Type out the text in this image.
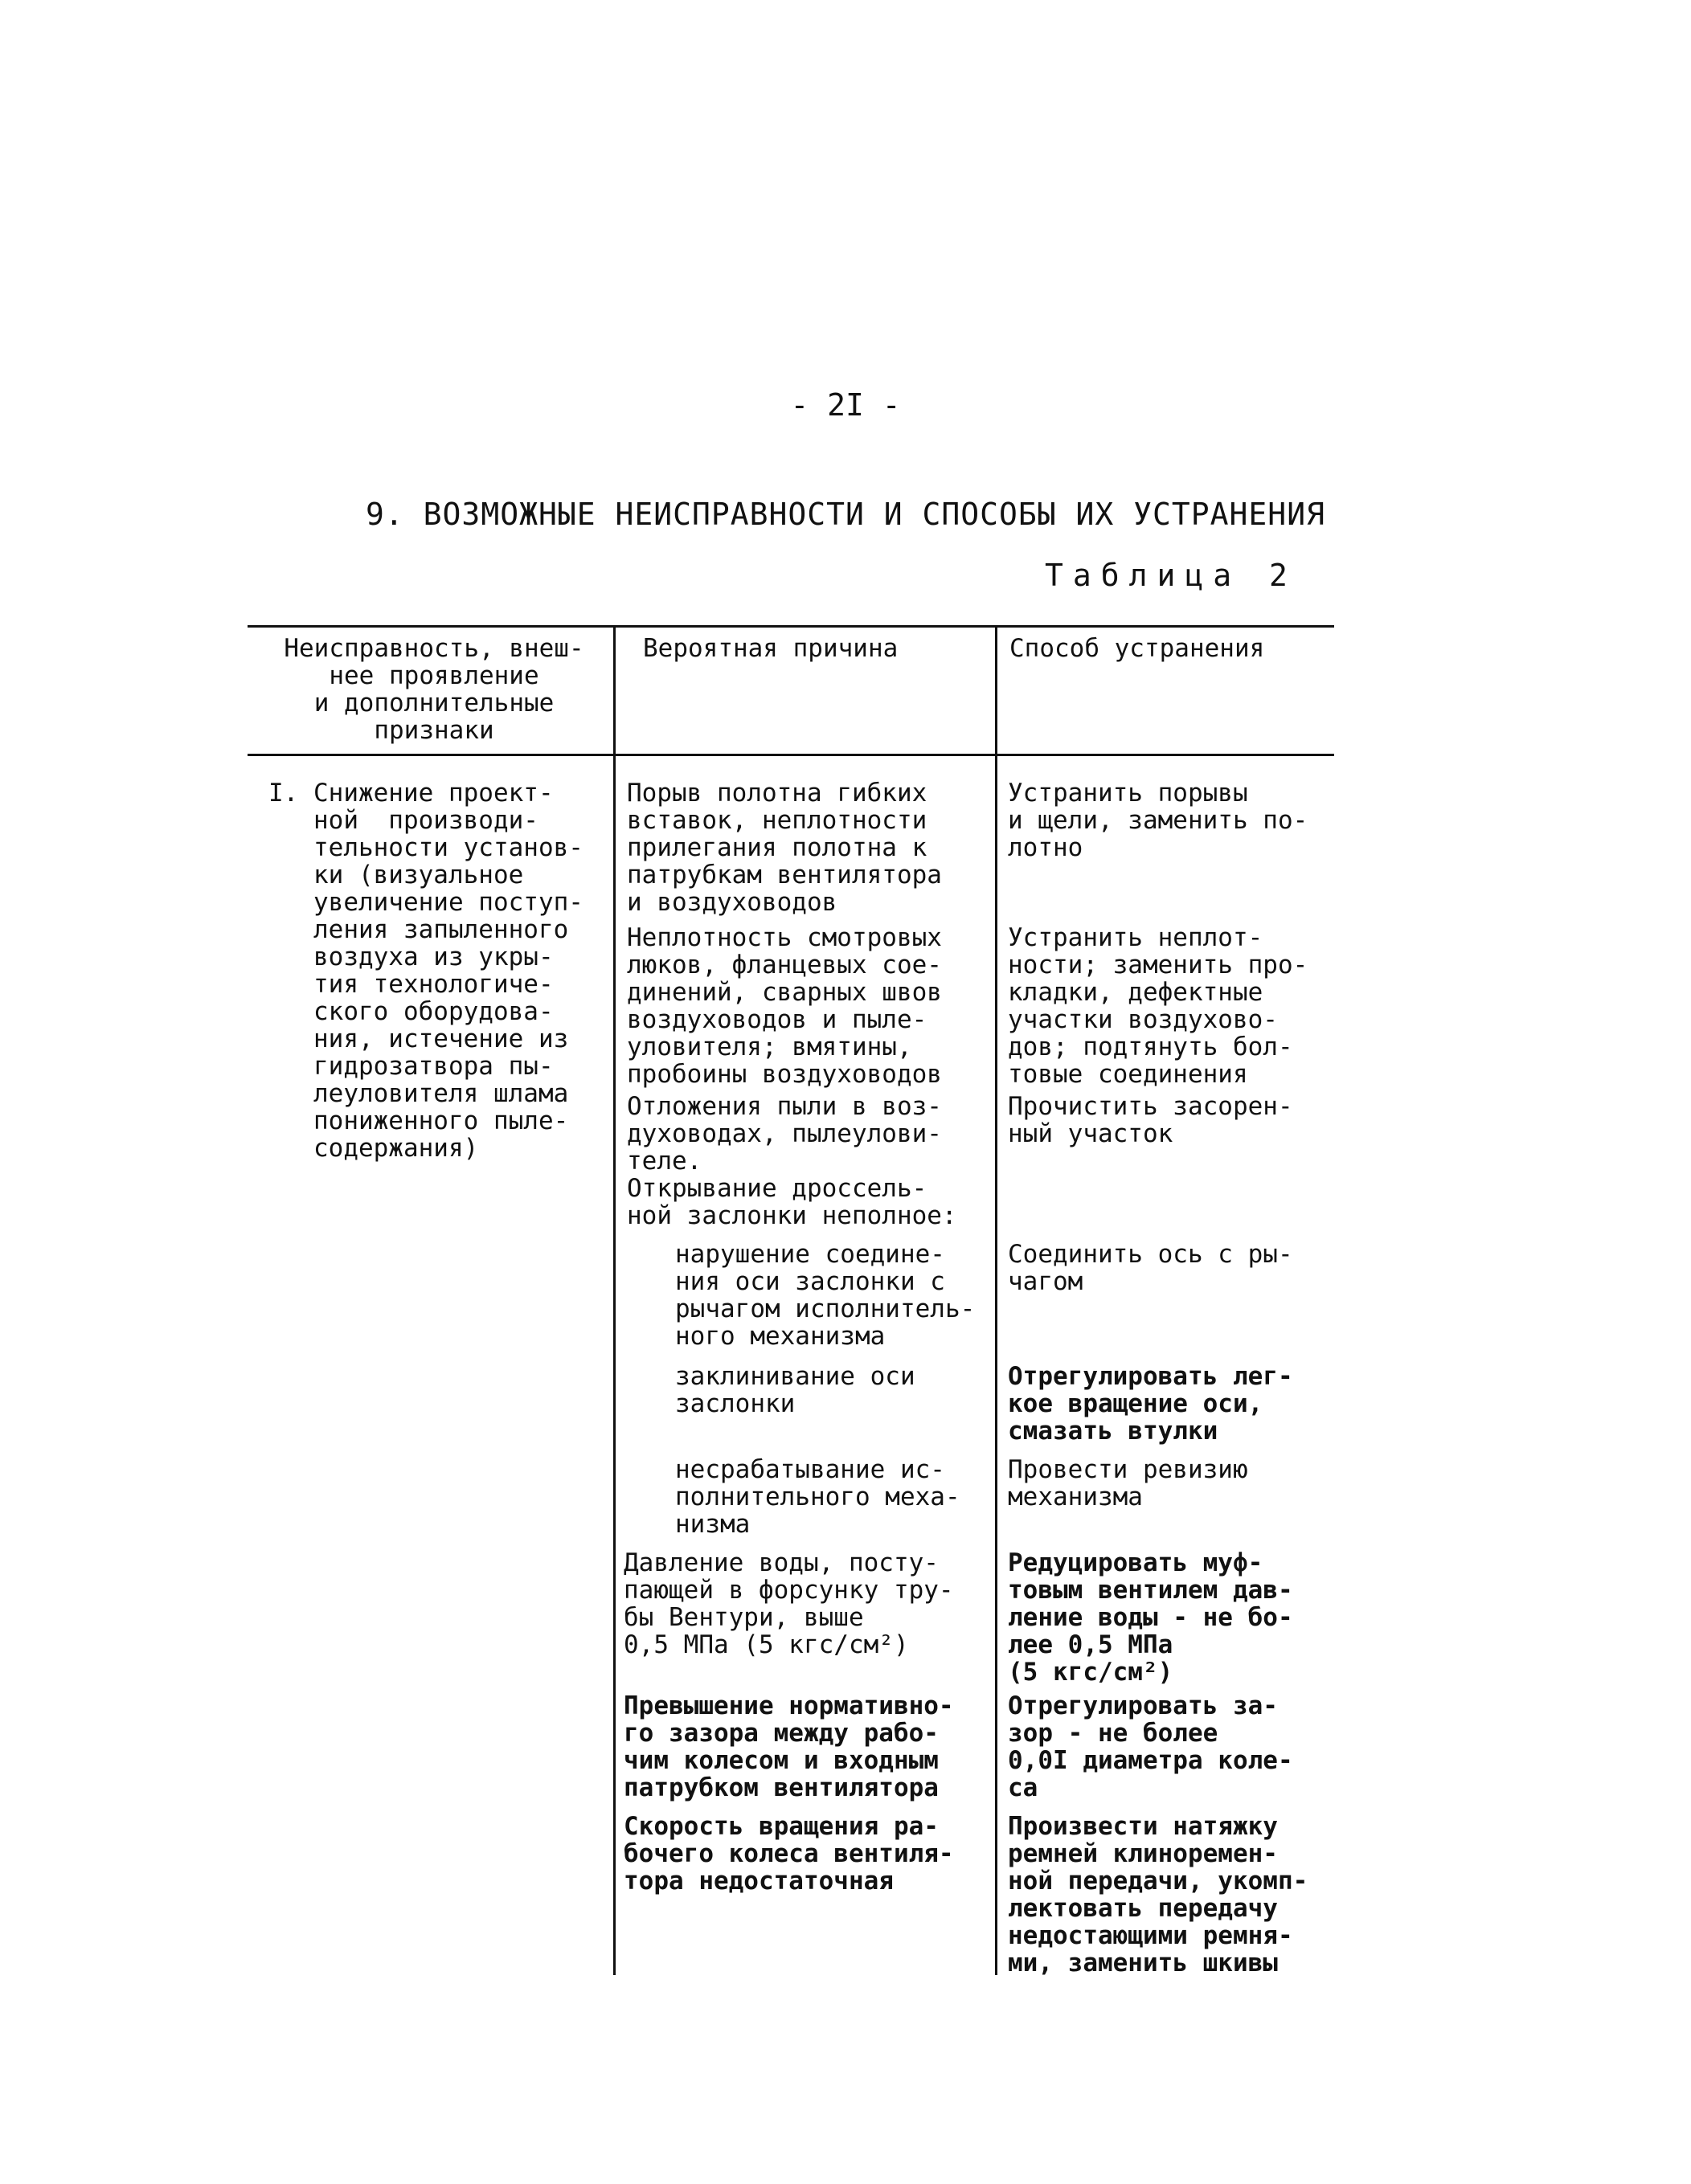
- 2I -
9. ВОЗМОЖНЫЕ НЕИСПРАВНОСТИ И СПОСОБЫ ИХ УСТРАНЕНИЯ
Таблица 2
Неисправность, внеш-
нее проявление
и дополнительные
признаки
Вероятная причина	Способ устранения
I. Снижение проект-
ной  производи-
тельности установ-
ки (визуальное
увеличение поступ-
ления запыленного
воздуха из укры-
тия технологиче-
ского оборудова-
ния, истечение из
гидрозатвора пы-
леуловителя шлама
пониженного пыле-
содержания)
Порыв полотна гибких
вставок, неплотности
прилегания полотна к
патрубкам вентилятора
и воздуховодов
Устранить порывы
и щели, заменить по-
лотно
Неплотность смотровых
люков, фланцевых сое-
динений, сварных швов
воздуховодов и пыле-
уловителя; вмятины,
пробоины воздуховодов
Устранить неплот-
ности; заменить про-
кладки, дефектные
участки воздухово-
дов; подтянуть бол-
товые соединения
Отложения пыли в воз-
духоводах, пылеулови-
теле.
Открывание дроссель-
ной заслонки неполное:
Прочистить засорен-
ный участок
нарушение соедине-
ния оси заслонки с
рычагом исполнитель-
ного механизма
Соединить ось с ры-
чагом
заклинивание оси
заслонки
Отрегулировать лег-
кое вращение оси,
смазать втулки
несрабатывание ис-
полнительного меха-
низма
Провести ревизию
механизма
Давление воды, посту-
пающей в форсунку тру-
бы Вентури, выше
0,5 МПа (5 кгс/см²)
Редуцировать муф-
товым вентилем дав-
ление воды - не бо-
лее 0,5 МПа
(5 кгс/см²)
Превышение нормативно-
го зазора между рабо-
чим колесом и входным
патрубком вентилятора
Отрегулировать за-
зор - не более
0,0I диаметра коле-
са
Скорость вращения ра-
бочего колеса вентиля-
тора недостаточная
Произвести натяжку
ремней клиноремен-
ной передачи, укомп-
лектовать передачу
недостающими ремня-
ми, заменить шкивы
